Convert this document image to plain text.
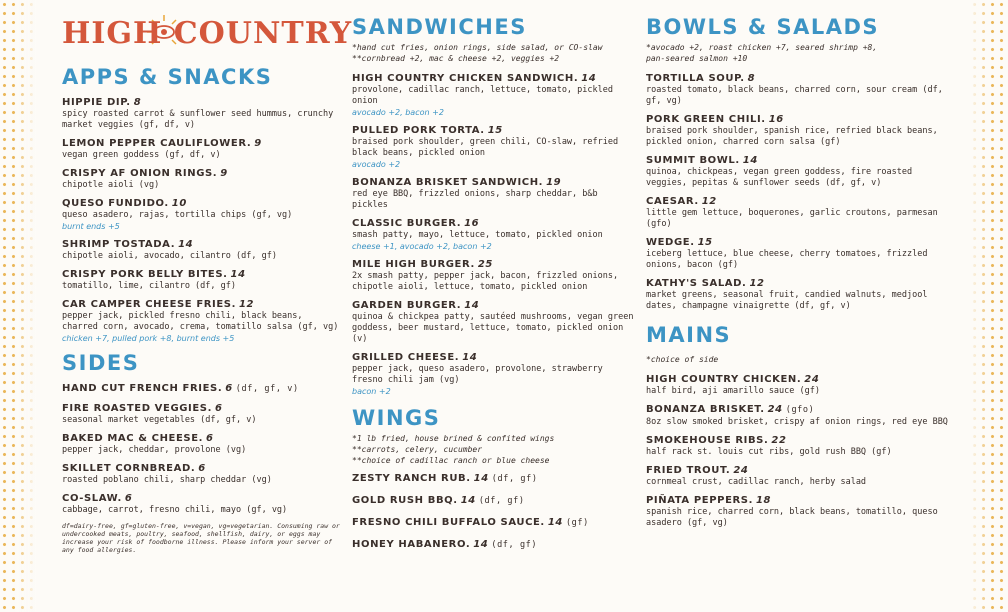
HIGH COUNTRY
APPS & SNACKS
HIPPIE DIP. 8
spicy roasted carrot & sunflower seed hummus, crunchy market veggies (gf, df, v)
LEMON PEPPER CAULIFLOWER. 9
vegan green goddess (gf, df, v)
CRISPY AF ONION RINGS. 9
chipotle aioli (vg)
QUESO FUNDIDO. 10
queso asadero, rajas, tortilla chips (gf, vg)
burnt ends +5
SHRIMP TOSTADA. 14
chipotle aioli, avocado, cilantro (df, gf)
CRISPY PORK BELLY BITES. 14
tomatillo, lime, cilantro (df, gf)
CAR CAMPER CHEESE FRIES. 12
pepper jack, pickled fresno chili, black beans, charred corn, avocado, crema, tomatillo salsa (gf, vg)
chicken +7, pulled pork +8, burnt ends +5
SIDES
HAND CUT FRENCH FRIES. 6 (df, gf, v)
FIRE ROASTED VEGGIES. 6
seasonal market vegetables (df, gf, v)
BAKED MAC & CHEESE. 6
pepper jack, cheddar, provolone (vg)
SKILLET CORNBREAD. 6
roasted poblano chili, sharp cheddar (vg)
CO-SLAW. 6
cabbage, carrot, fresno chili, mayo (gf, vg)
df=dairy-free, gf=gluten-free, v=vegan, vg=vegetarian. Consuming raw or undercooked meats, poultry, seafood, shellfish, dairy, or eggs may increase your risk of foodborne illness. Please inform your server of any food allergies.
SANDWICHES
*hand cut fries, onion rings, side salad, or CO-slaw
**cornbread +2, mac & cheese +2, veggies +2
HIGH COUNTRY CHICKEN SANDWICH. 14
provolone, cadillac ranch, lettuce, tomato, pickled onion
avocado +2, bacon +2
PULLED PORK TORTA. 15
braised pork shoulder, green chili, CO-slaw, refried black beans, pickled onion
avocado +2
BONANZA BRISKET SANDWICH. 19
red eye BBQ, frizzled onions, sharp cheddar, b&b pickles
CLASSIC BURGER. 16
smash patty, mayo, lettuce, tomato, pickled onion
cheese +1, avocado +2, bacon +2
MILE HIGH BURGER. 25
2x smash patty, pepper jack, bacon, frizzled onions, chipotle aioli, lettuce, tomato, pickled onion
GARDEN BURGER. 14
quinoa & chickpea patty, sautéed mushrooms, vegan green goddess, beer mustard, lettuce, tomato, pickled onion (v)
GRILLED CHEESE. 14
pepper jack, queso asadero, provolone, strawberry fresno chili jam (vg)
bacon +2
WINGS
*1 lb fried, house brined & confited wings
**carrots, celery, cucumber
**choice of cadillac ranch or blue cheese
ZESTY RANCH RUB. 14 (df, gf)
GOLD RUSH BBQ. 14 (df, gf)
FRESNO CHILI BUFFALO SAUCE. 14 (gf)
HONEY HABANERO. 14 (df, gf)
BOWLS & SALADS
*avocado +2, roast chicken +7, seared shrimp +8,
pan-seared salmon +10
TORTILLA SOUP. 8
roasted tomato, black beans, charred corn, sour cream (df, gf, vg)
PORK GREEN CHILI. 16
braised pork shoulder, spanish rice, refried black beans, pickled onion, charred corn salsa (gf)
SUMMIT BOWL. 14
quinoa, chickpeas, vegan green goddess, fire roasted veggies, pepitas & sunflower seeds (df, gf, v)
CAESAR. 12
little gem lettuce, boquerones, garlic croutons, parmesan (gfo)
WEDGE. 15
iceberg lettuce, blue cheese, cherry tomatoes, frizzled onions, bacon (gf)
KATHY'S SALAD. 12
market greens, seasonal fruit, candied walnuts, medjool dates, champagne vinaigrette (df, gf, v)
MAINS
*choice of side
HIGH COUNTRY CHICKEN. 24
half bird, aji amarillo sauce (gf)
BONANZA BRISKET. 24 (gfo)
8oz slow smoked brisket, crispy af onion rings, red eye BBQ
SMOKEHOUSE RIBS. 22
half rack st. louis cut ribs, gold rush BBQ (gf)
FRIED TROUT. 24
cornmeal crust, cadillac ranch, herby salad
PIÑATA PEPPERS. 18
spanish rice, charred corn, black beans, tomatillo, queso asadero (gf, vg)
